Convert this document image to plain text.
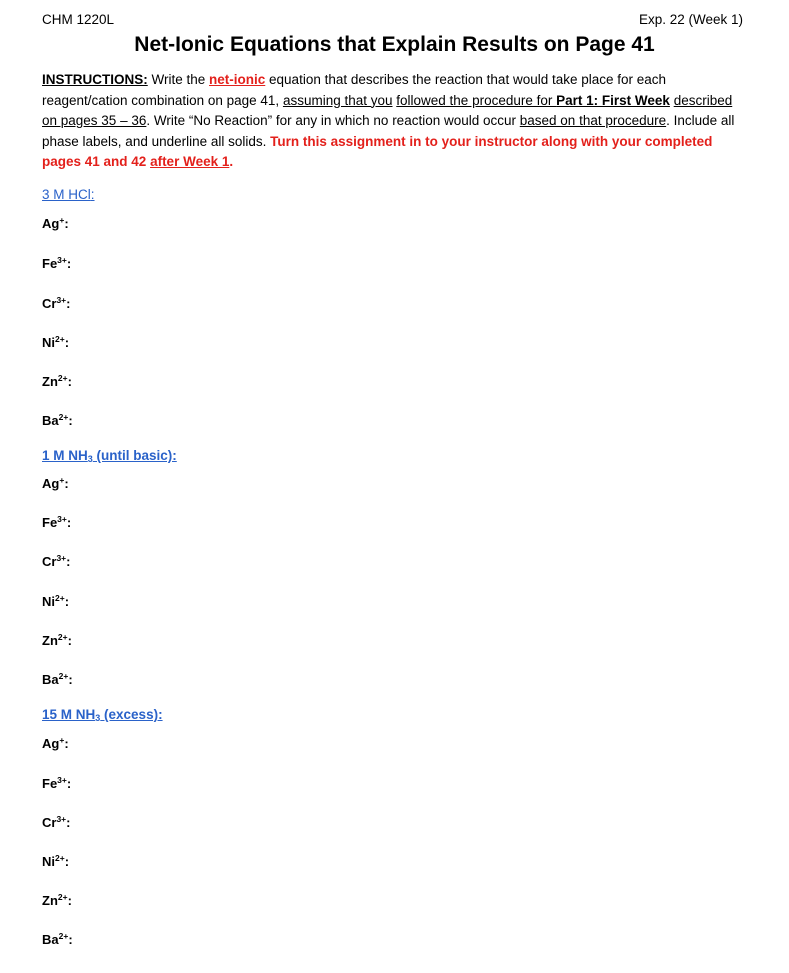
CHM 1220L	Exp. 22 (Week 1)
Net-Ionic Equations that Explain Results on Page 41
INSTRUCTIONS: Write the net-ionic equation that describes the reaction that would take place for each reagent/cation combination on page 41, assuming that you followed the procedure for Part 1: First Week described on pages 35 – 36. Write “No Reaction” for any in which no reaction would occur based on that procedure. Include all phase labels, and underline all solids. Turn this assignment in to your instructor along with your completed pages 41 and 42 after Week 1.
3 M HCl:
Ag+:
$Fe^{3+}$:
$Cr^{3+}$:
$Ni^{2+}$:
$Zn^{2+}$:
$Ba^{2+}$:
1 M $NH_3$ (until basic):
Ag+:
$Fe^{3+}$:
$Cr^{3+}$:
$Ni^{2+}$:
$Zn^{2+}$:
$Ba^{2+}$:
15 M $NH_3$ (excess):
Ag+:
$Fe^{3+}$:
$Cr^{3+}$:
$Ni^{2+}$:
$Zn^{2+}$:
$Ba^{2+}$:
